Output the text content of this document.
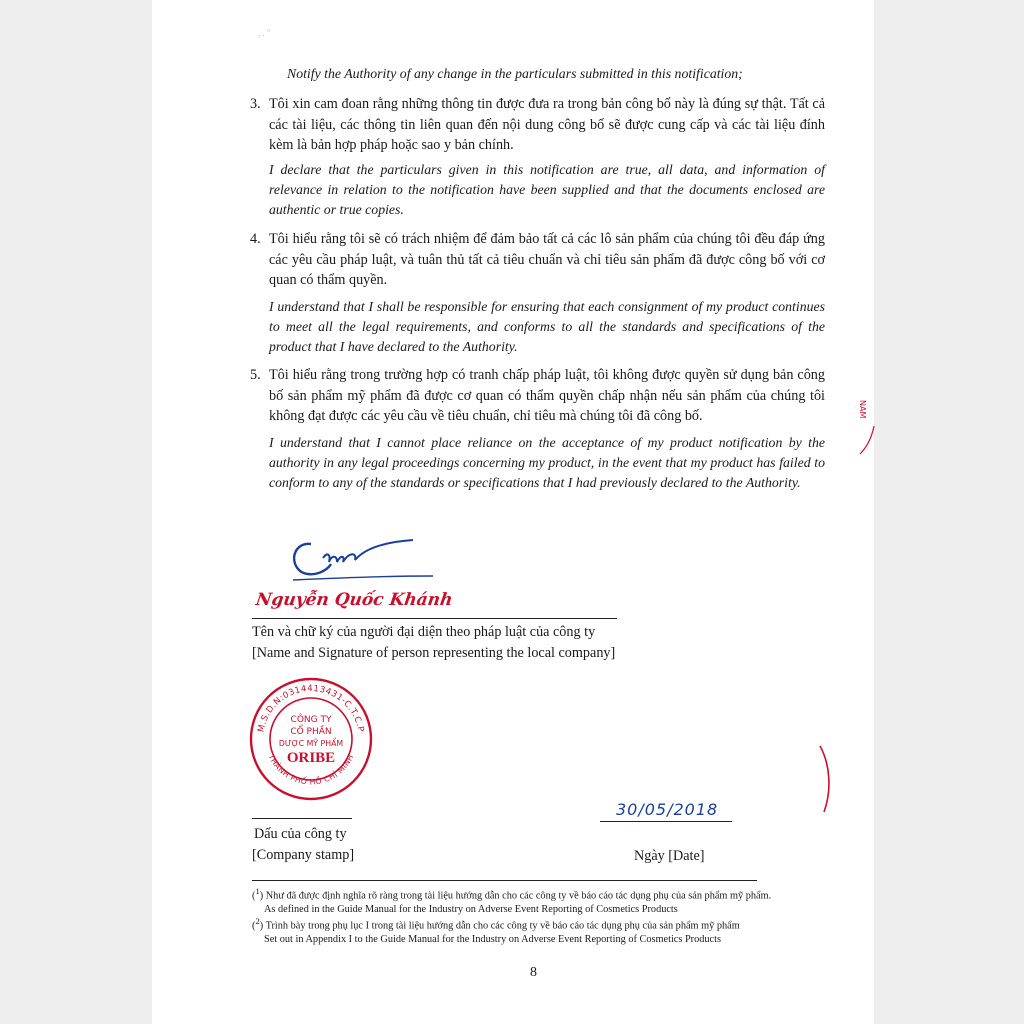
, . "
Notify the Authority of any change in the particulars submitted in this notification;
3. Tôi xin cam đoan rằng những thông tin được đưa ra trong bản công bố này là đúng sự thật. Tất cả các tài liệu, các thông tin liên quan đến nội dung công bố sẽ được cung cấp và các tài liệu đính kèm là bản hợp pháp hoặc sao y bản chính.
I declare that the particulars given in this notification are true, all data, and information of relevance in relation to the notification have been supplied and that the documents enclosed are authentic or true copies.
4. Tôi hiểu rằng tôi sẽ có trách nhiệm để đảm bảo tất cả các lô sản phẩm của chúng tôi đều đáp ứng các yêu cầu pháp luật, và tuân thủ tất cả tiêu chuẩn và chỉ tiêu sản phẩm đã được công bố với cơ quan có thẩm quyền.
I understand that I shall be responsible for ensuring that each consignment of my product continues to meet all the legal requirements, and conforms to all the standards and specifications of the product that I have declared to the Authority.
5. Tôi hiểu rằng trong trường hợp có tranh chấp pháp luật, tôi không được quyền sử dụng bản công bố sản phẩm mỹ phẩm đã được cơ quan có thẩm quyền chấp nhận nếu sản phẩm của chúng tôi không đạt được các yêu cầu về tiêu chuẩn, chỉ tiêu mà chúng tôi đã công bố.
I understand that I cannot place reliance on the acceptance of my product notification by the authority in any legal proceedings concerning my product, in the event that my product has failed to conform to any of the standards or specifications that I had previously declared to the Authority.
Nguyễn Quốc Khánh
Tên và chữ ký của người đại diện theo pháp luật của công ty
[Name and Signature of person representing the local company]
M.S.D.N:0314413431-C.T.C.P
THÀNH PHỐ HỒ CHÍ MINH
CÔNG TY
CỔ PHẦN
DƯỢC MỸ PHẨM
ORIBE
Dấu của công ty
[Company stamp]
30/05/2018
Ngày [Date]
NAM
($^1$) Như đã được định nghĩa rõ ràng trong tài liệu hướng dẫn cho các công ty về báo cáo tác dụng phụ của sản phẩm mỹ phẩm.
As defined in the Guide Manual for the Industry on Adverse Event Reporting of Cosmetics Products
($^2$) Trình bày trong phụ lục I trong tài liệu hướng dẫn cho các công ty về báo cáo tác dụng phụ của sản phẩm mỹ phẩm
Set out in Appendix I to the Guide Manual for the Industry on Adverse Event Reporting of Cosmetics Products
8
